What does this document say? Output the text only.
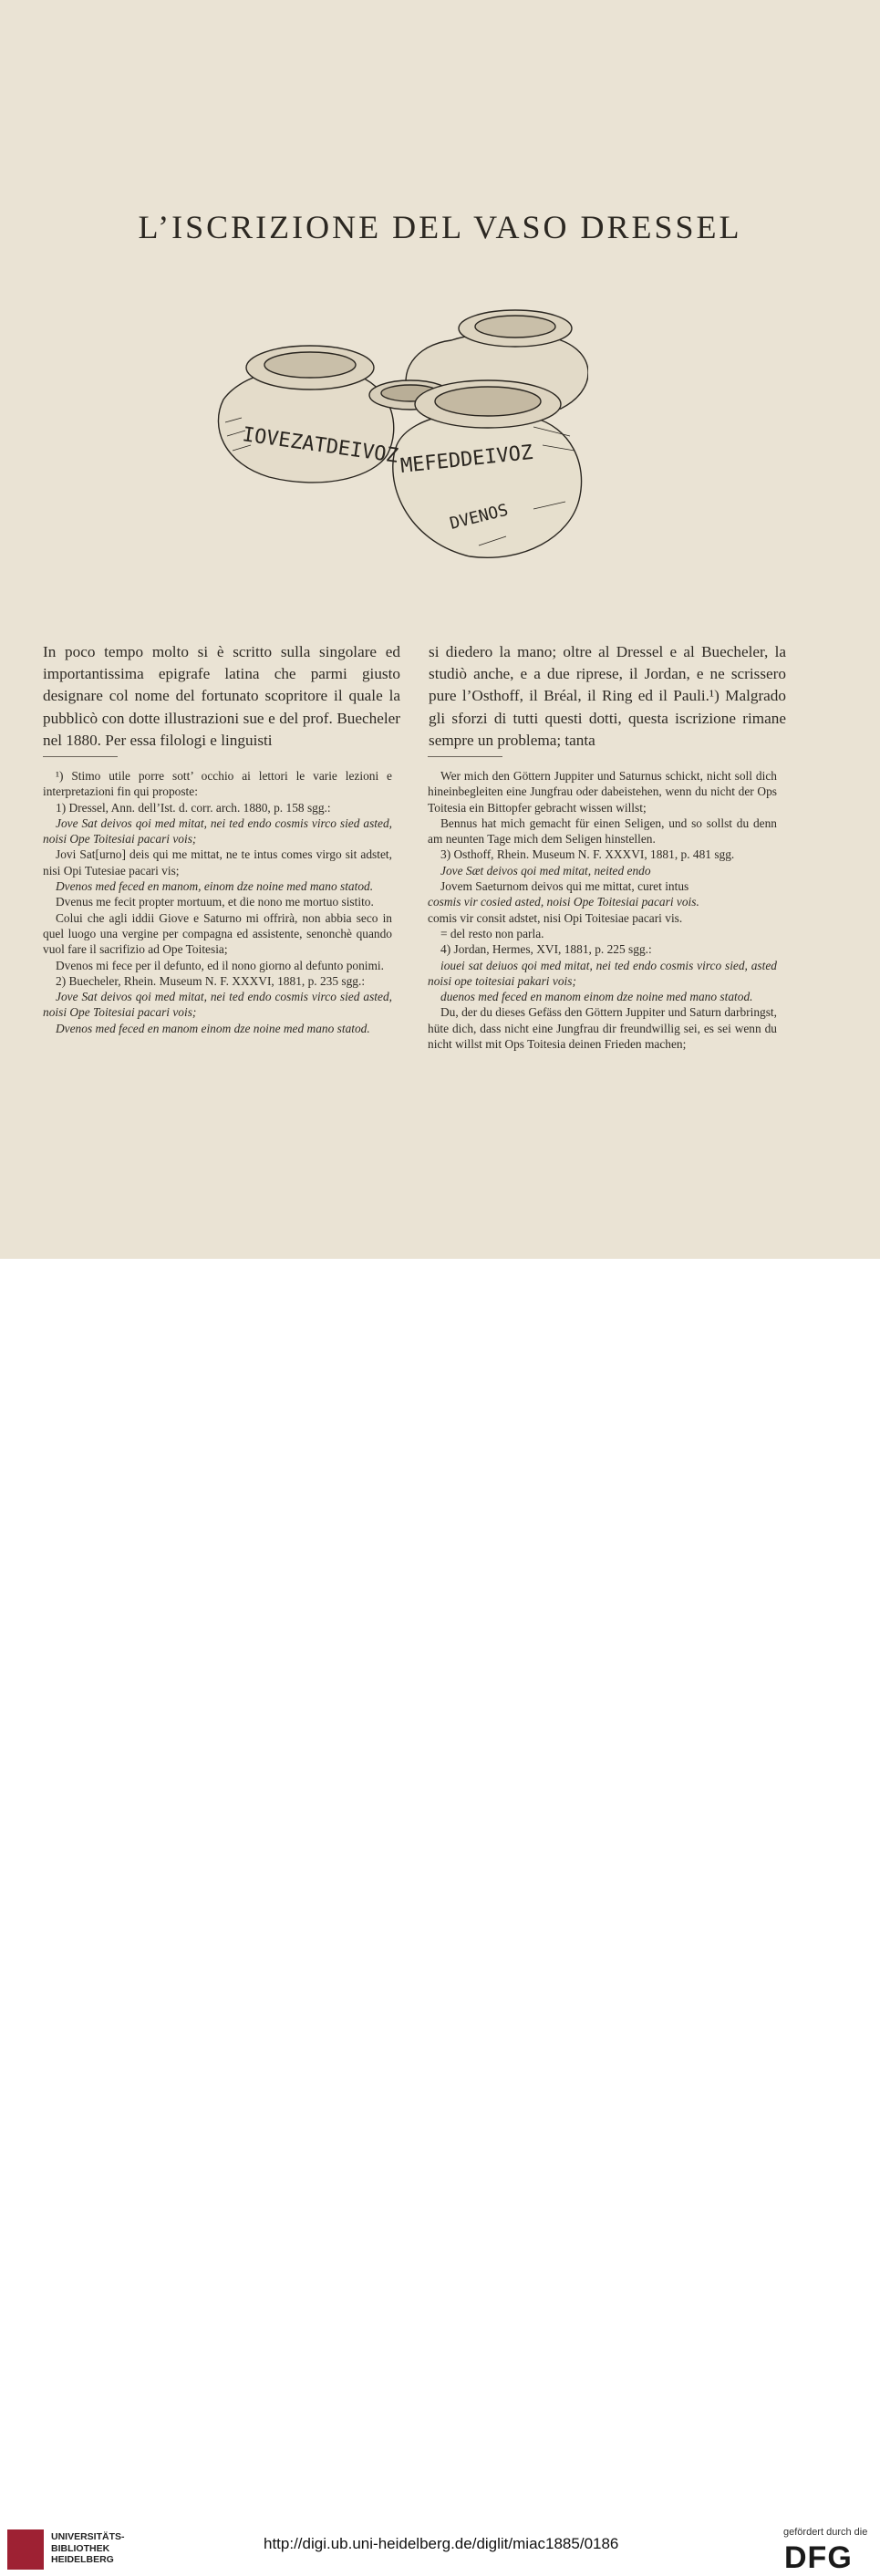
L’ISCRIZIONE DEL VASO DRESSEL
IOVEZATDEIVOZ MEFEDDEIVOZ
DVENOS

In poco tempo molto si è scritto sulla singolare ed importantissima epigrafe latina che parmi giusto designare col nome del fortunato scopritore il quale la pubblicò con dotte illustrazioni sue e del prof. Buecheler nel 1880. Per essa filologi e linguisti

si diedero la mano; oltre al Dressel e al Buecheler, la studiò anche, e a due riprese, il Jordan, e ne scrissero pure l’Osthoff, il Bréal, il Ring ed il Pauli.¹) Malgrado gli sforzi di tutti questi dotti, questa iscrizione rimane sempre un problema; tanta

¹) Stimo utile porre sott’ occhio ai lettori le varie lezioni e interpretazioni fin qui proposte:

1) Dressel, Ann. dell’Ist. d. corr. arch. 1880, p. 158 sgg.:

Jove Sat deivos qoi med mitat, nei ted endo cosmis virco sied asted, noisi Ope Toitesiai pacari vois;

Jovi Sat[urno] deis qui me mittat, ne te intus comes virgo sit adstet, nisi Opi Tutesiae pacari vis;

Dvenos med feced en manom, einom dze noine med mano statod.

Dvenus me fecit propter mortuum, et die nono me mortuo sistito.

Colui che agli iddii Giove e Saturno mi offrirà, non abbia seco in quel luogo una vergine per compagna ed assistente, senonchè quando vuol fare il sacrifizio ad Ope Toitesia;

Dvenos mi fece per il defunto, ed il nono giorno al defunto ponimi.

2) Buecheler, Rhein. Museum N. F. XXXVI, 1881, p. 235 sgg.:

Jove Sat deivos qoi med mitat, nei ted endo cosmis virco sied asted, noisi Ope Toitesiai pacari vois;

Dvenos med feced en manom einom dze noine med mano statod.

Wer mich den Göttern Juppiter und Saturnus schickt, nicht soll dich hineinbegleiten eine Jungfrau oder dabeistehen, wenn du nicht der Ops Toitesia ein Bittopfer gebracht wissen willst;

Bennus hat mich gemacht für einen Seligen, und so sollst du denn am neunten Tage mich dem Seligen hinstellen.

3) Osthoff, Rhein. Museum N. F. XXXVI, 1881, p. 481 sgg.

Jove Sæt deivos qoi med mitat, neited endo

Jovem Saeturnom deivos qui me mittat, curet intus

cosmis vir cosied asted, noisi Ope Toitesiai pacari vois.

comis vir consit adstet, nisi Opi Toitesiae pacari vis.

= del resto non parla.

4) Jordan, Hermes, XVI, 1881, p. 225 sgg.:

iouei sat deiuos qoi med mitat, nei ted endo cosmis virco sied, asted noisi ope toitesiai pakari vois;

duenos med feced en manom einom dze noine med mano statod.

Du, der du dieses Gefäss den Göttern Juppiter und Saturn darbringst, hüte dich, dass nicht eine Jungfrau dir freundwillig sei, es sei wenn du nicht willst mit Ops Toitesia deinen Frieden machen;

UNIVERSITÄTS-
BIBLIOTHEK
HEIDELBERG
http://digi.ub.uni-heidelberg.de/diglit/miac1885/0186
gefördert durch die
DFG
